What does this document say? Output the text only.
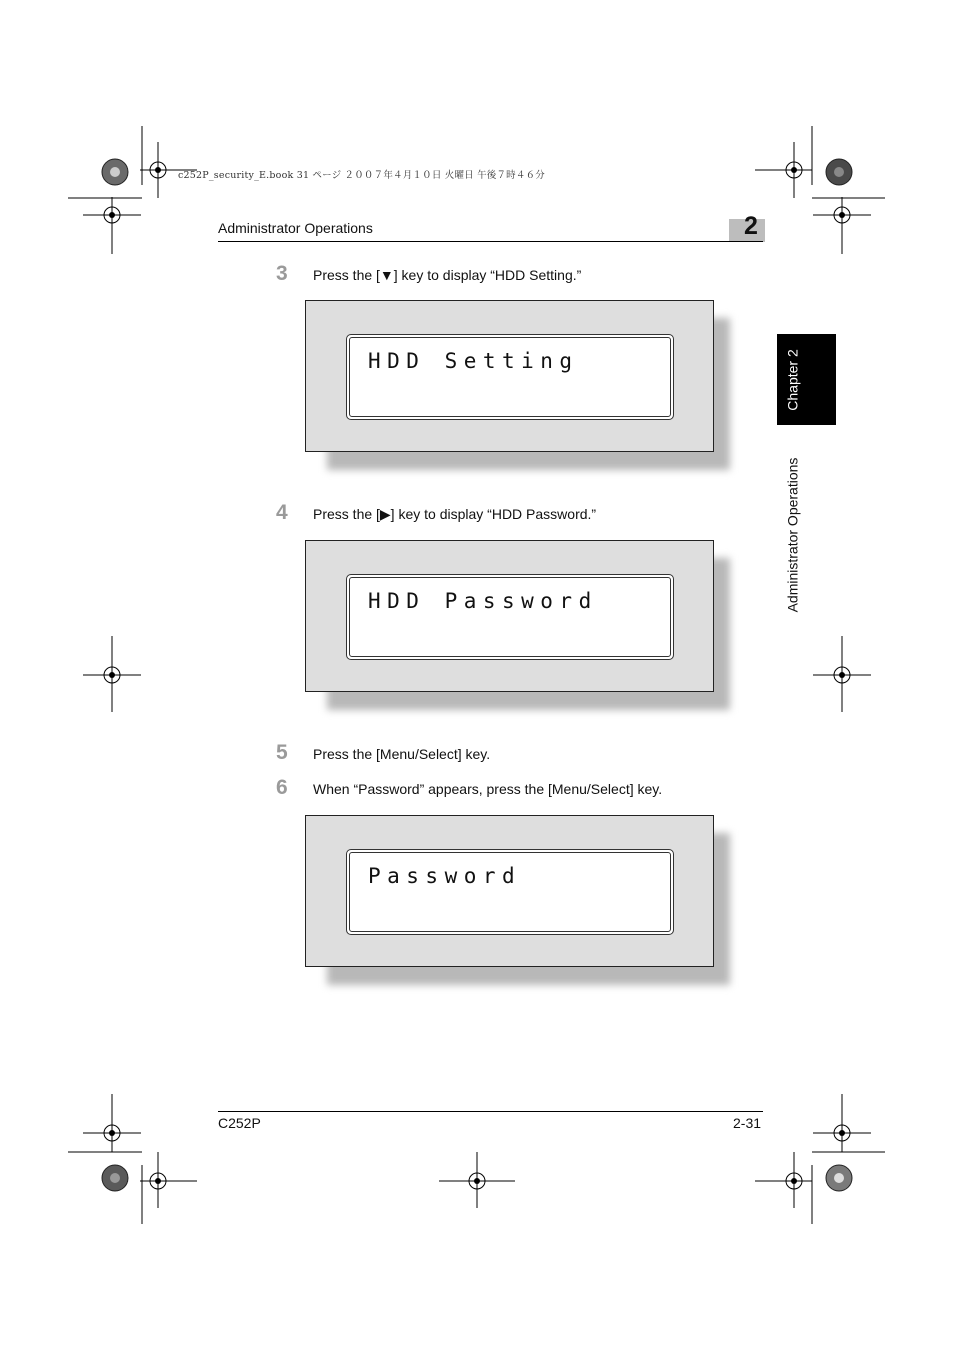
c252P_security_E.book 31 ページ ２００７年４月１０日 火曜日 午後７時４６分
Administrator Operations	2
Chapter 2
Administrator Operations
3 Press the [▼] key to display “HDD Setting.”
HDD Setting
4 Press the [▶] key to display “HDD Password.”
HDD Password
5 Press the [Menu/Select] key.
6 When “Password” appears, press the [Menu/Select] key.
Password
C252P	2-31
